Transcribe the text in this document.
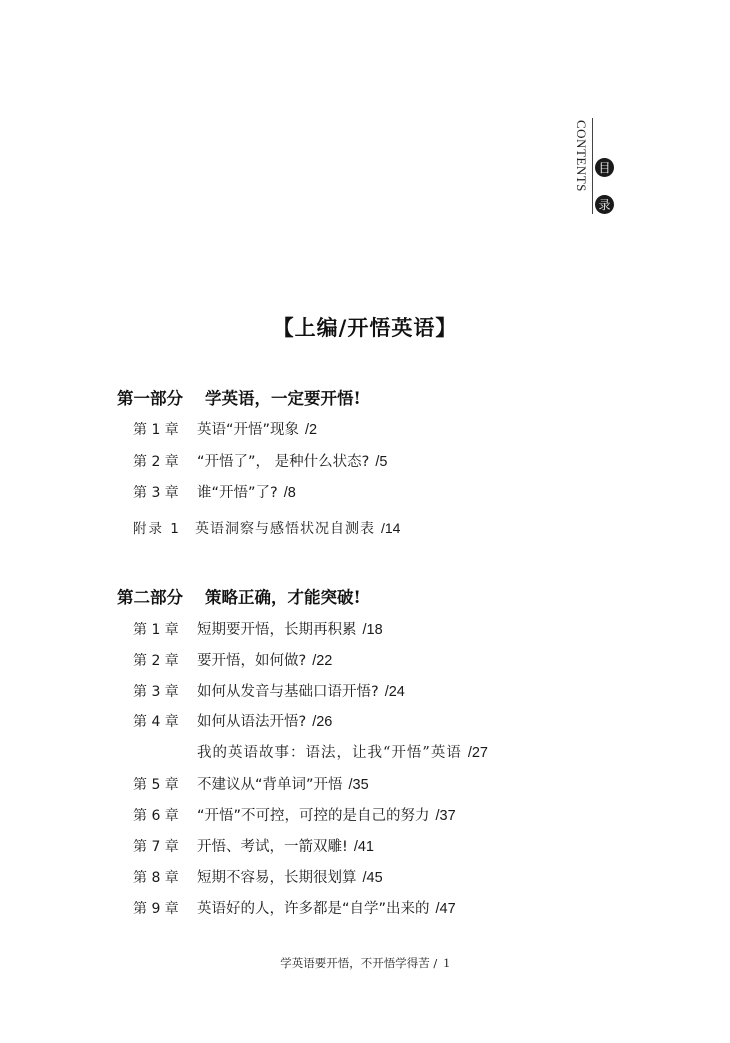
CONTENTS 目
录
【上编/开悟英语】
第一部分 学英语，一定要开悟!
第 1 章 英语“开悟”现象 /2
第 2 章 “开悟了”， 是种什么状态? /5
第 3 章 谁“开悟”了? /8
附录 1 英语洞察与感悟状况自测表 /14
第二部分 策略正确，才能突破!
第 1 章 短期要开悟，长期再积累 /18
第 2 章 要开悟，如何做? /22
第 3 章 如何从发音与基础口语开悟? /24
第 4 章 如何从语法开悟? /26
我的英语故事：语法，让我“开悟”英语 /27
第 5 章 不建议从“背单词”开悟 /35
第 6 章 “开悟”不可控，可控的是自己的努力 /37
第 7 章 开悟、考试，一箭双雕! /41
第 8 章 短期不容易，长期很划算 /45
第 9 章 英语好的人，许多都是“自学”出来的 /47
学英语要开悟，不开悟学得苦 / 1
